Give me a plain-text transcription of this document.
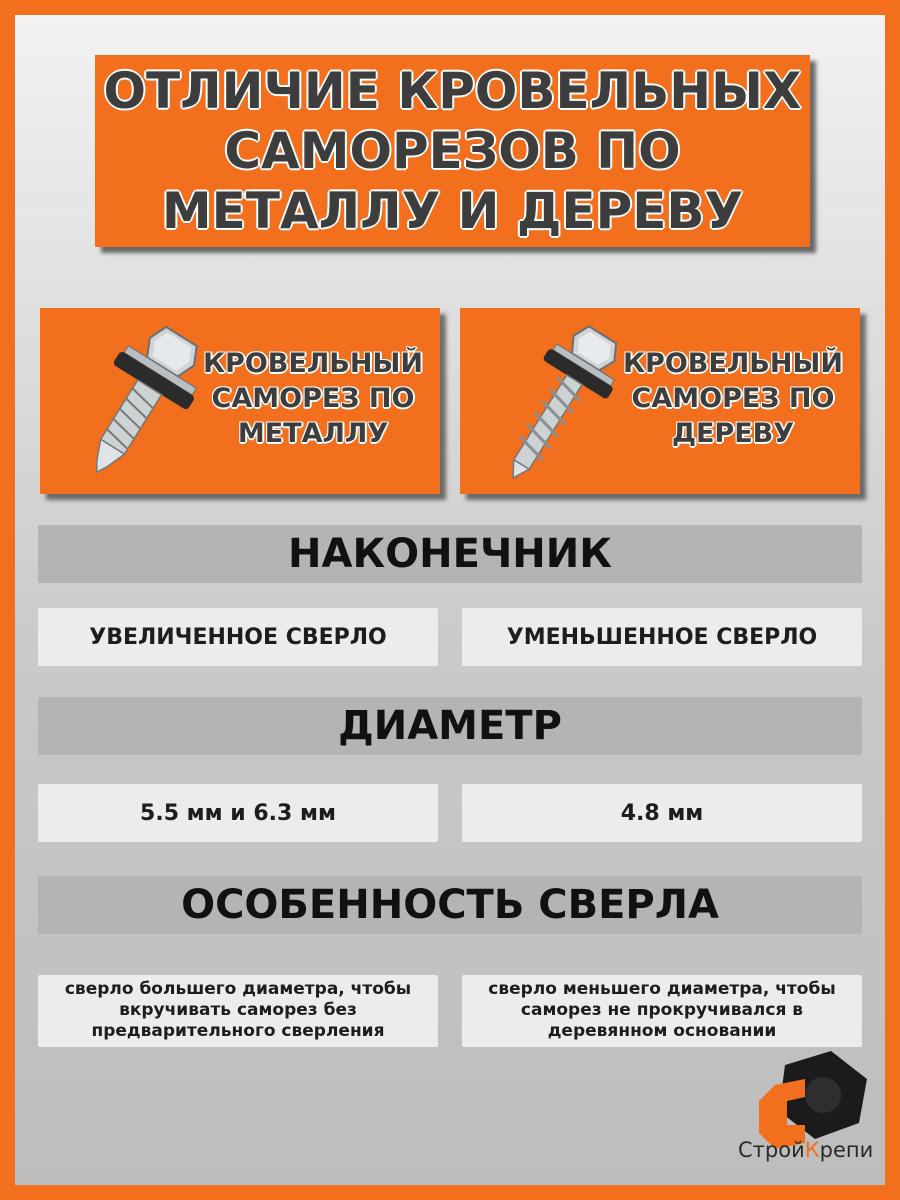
ОТЛИЧИЕ КРОВЕЛЬНЫХ
САМОРЕЗОВ ПО
МЕТАЛЛУ И ДЕРЕВУ
КРОВЕЛЬНЫЙ
САМОРЕЗ ПО
МЕТАЛЛУ
КРОВЕЛЬНЫЙ
САМОРЕЗ ПО
ДЕРЕВУ
НАКОНЕЧНИК
УВЕЛИЧЕННОЕ СВЕРЛО	УМЕНЬШЕННОЕ СВЕРЛО
ДИАМЕТР
5.5 мм и 6.3 мм	4.8 мм
ОСОБЕННОСТЬ СВЕРЛА
сверло большего диаметра, чтобы
вкручивать саморез без
предварительного сверления
сверло меньшего диаметра, чтобы
саморез не прокручивался в
деревянном основании
СтройКрепи
